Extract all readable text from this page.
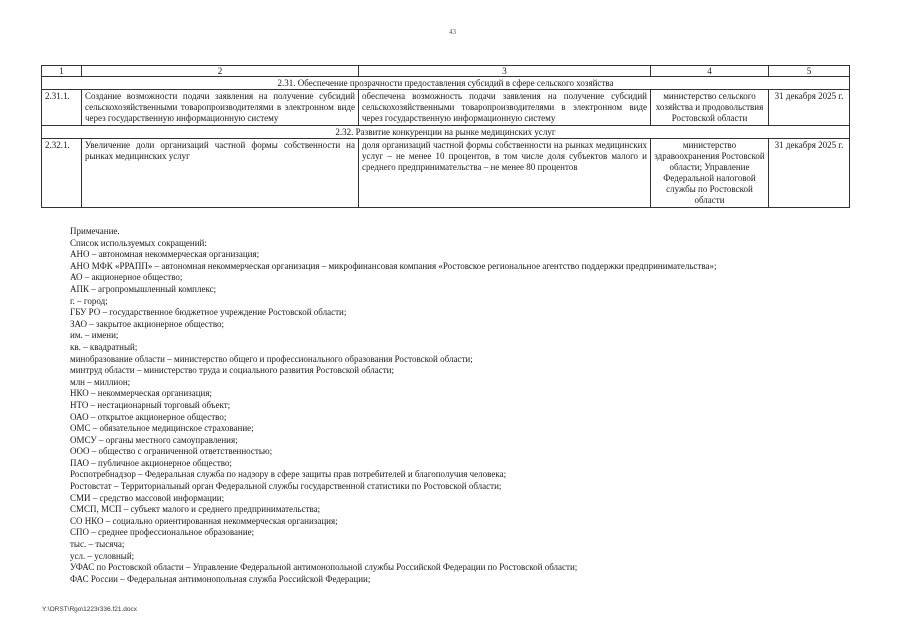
43
1	2	3	4	5
2.31. Обеспечение прозрачности предоставления субсидий в сфере сельского хозяйства				
2.31.1.	Создание возможности подачи заявления на получение субсидий сельскохозяйственными товаропроизводителями в электронном виде через государственную информационную систему	обеспечена возможность подачи заявления на получение субсидий сельскохозяйственными товаропроизводителями в электронном виде через государственную информационную систему	министерство сельского хозяйства и продовольствия Ростовской области	31 декабря 2025 г.
2.32. Развитие конкуренции на рынке медицинских услуг				
2.32.1.	Увеличение доли организаций частной формы собственности на рынках медицинских услуг	доля организаций частной формы собственности на рынках медицинских услуг – не менее 10 процентов, в том числе доля субъектов малого и среднего предпринимательства – не менее 80 процентов	министерство здравоохранения Ростовской области; Управление Федеральной налоговой службы по Ростовской области	31 декабря 2025 г.
Примечание.
Список используемых сокращений:
АНО – автономная некоммерческая организация;
АНО МФК «РРАПП» – автономная некоммерческая организация – микрофинансовая компания «Ростовское региональное агентство поддержки предпринимательства»;
АО – акционерное общество;
АПК – агропромышленный комплекс;
г. – город;
ГБУ РО – государственное бюджетное учреждение Ростовской области;
ЗАО – закрытое акционерное общество;
им. – имени;
кв. – квадратный;
минобразование области – министерство общего и профессионального образования Ростовской области;
минтруд области – министерство труда и социального развития Ростовской области;
млн – миллион;
НКО – некоммерческая организация;
НТО – нестационарный торговый объект;
ОАО – открытое акционерное общество;
ОМС – обязательное медицинское страхование;
ОМСУ – органы местного самоуправления;
ООО – общество с ограниченной ответственностью;
ПАО – публичное акционерное общество;
Роспотребнадзор – Федеральная служба по надзору в сфере защиты прав потребителей и благополучия человека;
Ростовстат – Территориальный орган Федеральной службы государственной статистики по Ростовской области;
СМИ – средство массовой информации;
СМСП, МСП – субъект малого и среднего предпринимательства;
СО НКО – социально ориентированная некоммерческая организация;
СПО – среднее профессиональное образование;
тыс. – тысяча;
усл. – условный;
УФАС по Ростовской области – Управление Федеральной антимонопольной службы Российской Федерации по Ростовской области;
ФАС России – Федеральная антимонопольная служба Российской Федерации;
Y:\ORST\Rgo\1223r336.f21.docx
